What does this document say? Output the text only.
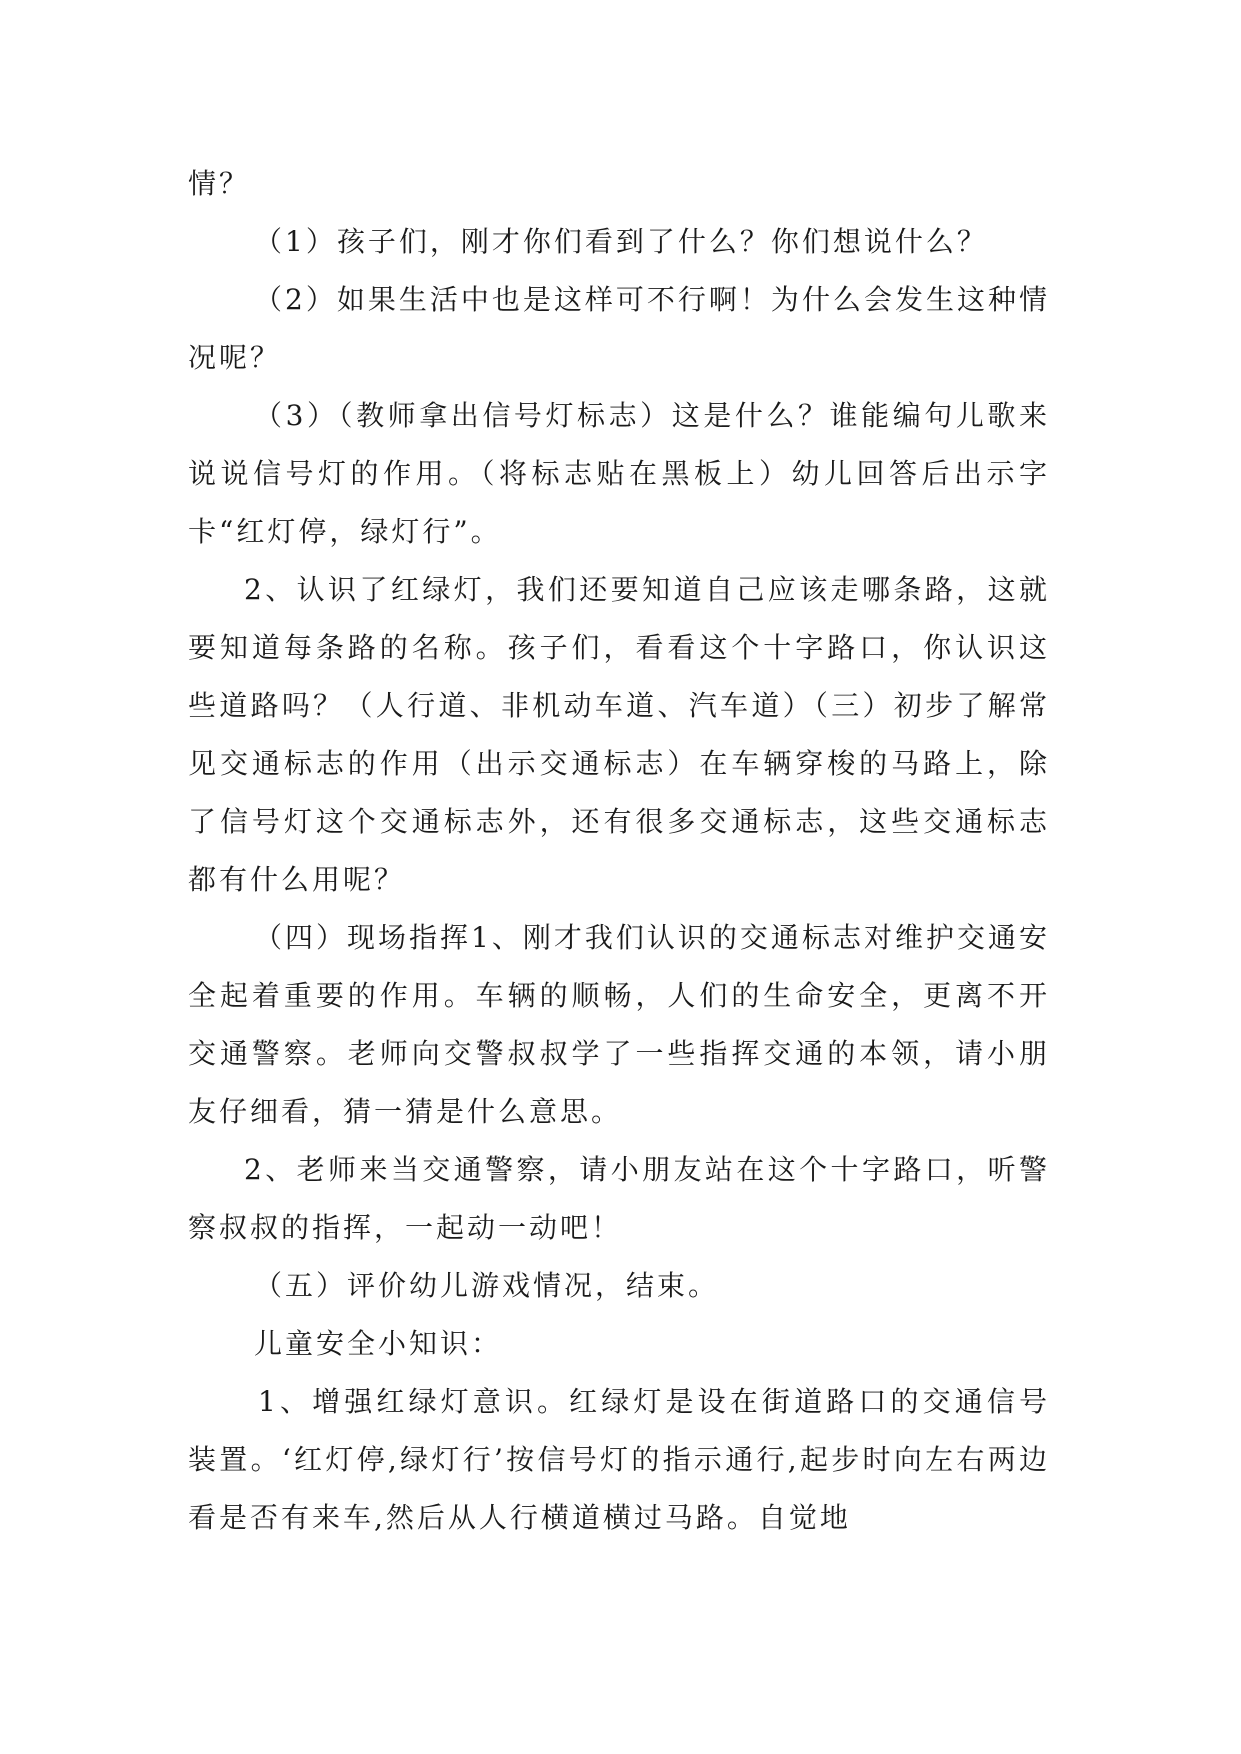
情？

（1）孩子们，刚才你们看到了什么？你们想说什么？

（2）如果生活中也是这样可不行啊！为什么会发生这种情况呢？

（3）（教师拿出信号灯标志）这是什么？谁能编句儿歌来说说信号灯的作用。（将标志贴在黑板上）幼儿回答后出示字卡“红灯停，绿灯行”。

2、认识了红绿灯，我们还要知道自己应该走哪条路，这就要知道每条路的名称。孩子们，看看这个十字路口，你认识这些道路吗？（人行道、非机动车道、汽车道）（三）初步了解常见交通标志的作用（出示交通标志）在车辆穿梭的马路上，除了信号灯这个交通标志外，还有很多交通标志，这些交通标志都有什么用呢？

（四）现场指挥1、刚才我们认识的交通标志对维护交通安全起着重要的作用。车辆的顺畅，人们的生命安全，更离不开交通警察。老师向交警叔叔学了一些指挥交通的本领，请小朋友仔细看，猜一猜是什么意思。

2、老师来当交通警察，请小朋友站在这个十字路口，听警察叔叔的指挥，一起动一动吧！

（五）评价幼儿游戏情况，结束。

儿童安全小知识：

1、增强红绿灯意识。红绿灯是设在街道路口的交通信号装置。‘红灯停,绿灯行’按信号灯的指示通行,起步时向左右两边看是否有来车,然后从人行横道横过马路。自觉地
